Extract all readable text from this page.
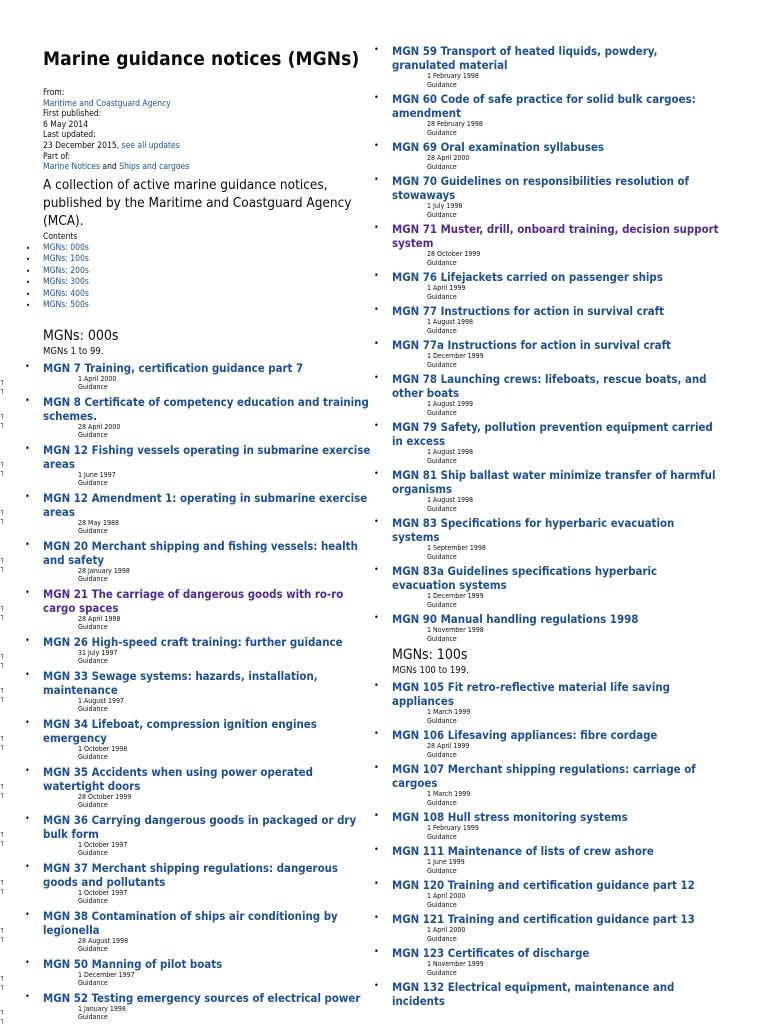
Marine guidance notices (MGNs)
From:
Maritime and Coastguard Agency
First published:
6 May 2014
Last updated:
23 December 2015, see all updates
Part of:
Marine Notices and Ships and cargoes

A collection of active marine guidance notices, published by the Maritime and Coastguard Agency (MCA).

Contents
• MGNs: 000s
• MGNs: 100s
• MGNs: 200s
• MGNs: 300s
• MGNs: 400s
• MGNs: 500s
MGNs: 000s
MGNs 1 to 99.
•
┐
┐
MGN 7 Training, certification guidance part 7
1 April 2000
Guidance
•
┐
┐
MGN 8 Certificate of competency education and training schemes.
28 April 2000
Guidance
•
┐
┐
MGN 12 Fishing vessels operating in submarine exercise areas
1 June 1997
Guidance
•
┐
┐
MGN 12 Amendment 1: operating in submarine exercise areas
28 May 1988
Guidance
•
┐
┐
MGN 20 Merchant shipping and fishing vessels: health and safety
28 January 1998
Guidance
•
┐
┐
MGN 21 The carriage of dangerous goods with ro-ro cargo spaces
28 April 1998
Guidance
•
┐
┐
MGN 26 High-speed craft training: further guidance
31 July 1997
Guidance
•
┐
┐
MGN 33 Sewage systems: hazards, installation, maintenance
1 August 1997
Guidance
•
┐
┐
MGN 34 Lifeboat, compression ignition engines emergency
1 October 1998
Guidance
•
┐
┐
MGN 35 Accidents when using power operated watertight doors
28 October 1999
Guidance
•
┐
┐
MGN 36 Carrying dangerous goods in packaged or dry bulk form
1 October 1997
Guidance
•
┐
┐
MGN 37 Merchant shipping regulations: dangerous goods and pollutants
1 October 1997
Guidance
•
┐
┐
MGN 38 Contamination of ships air conditioning by legionella
28 August 1998
Guidance
•
┐
┐
MGN 50 Manning of pilot boats
1 December 1997
Guidance
•
┐
┐
MGN 52 Testing emergency sources of electrical power
1 January 1998
Guidance
• MGN 59 Transport of heated liquids, powdery, granulated material
1 February 1998
Guidance
• MGN 60 Code of safe practice for solid bulk cargoes: amendment
28 February 1998
Guidance
• MGN 69 Oral examination syllabuses
28 April 2000
Guidance
• MGN 70 Guidelines on responsibilities resolution of stowaways
1 July 1998
Guidance
• MGN 71 Muster, drill, onboard training, decision support system
28 October 1999
Guidance
• MGN 76 Lifejackets carried on passenger ships
1 April 1999
Guidance
• MGN 77 Instructions for action in survival craft
1 August 1998
Guidance
• MGN 77a Instructions for action in survival craft
1 December 1999
Guidance
• MGN 78 Launching crews: lifeboats, rescue boats, and other boats
1 August 1999
Guidance
• MGN 79 Safety, pollution prevention equipment carried in excess
1 August 1998
Guidance
• MGN 81 Ship ballast water minimize transfer of harmful organisms
1 August 1998
Guidance
• MGN 83 Specifications for hyperbaric evacuation systems
1 September 1998
Guidance
• MGN 83a Guidelines specifications hyperbaric evacuation systems
1 December 1999
Guidance
• MGN 90 Manual handling regulations 1998
1 November 1998
Guidance
MGNs: 100s
MGNs 100 to 199.
• MGN 105 Fit retro-reflective material life saving appliances
1 March 1999
Guidance
• MGN 106 Lifesaving appliances: fibre cordage
28 April 1999
Guidance
• MGN 107 Merchant shipping regulations: carriage of cargoes
1 March 1999
Guidance
• MGN 108 Hull stress monitoring systems
1 February 1999
Guidance
• MGN 111 Maintenance of lists of crew ashore
1 June 1999
Guidance
• MGN 120 Training and certification guidance part 12
1 April 2000
Guidance
• MGN 121 Training and certification guidance part 13
1 April 2000
Guidance
• MGN 123 Certificates of discharge
1 November 1999
Guidance
• MGN 132 Electrical equipment, maintenance and incidents
